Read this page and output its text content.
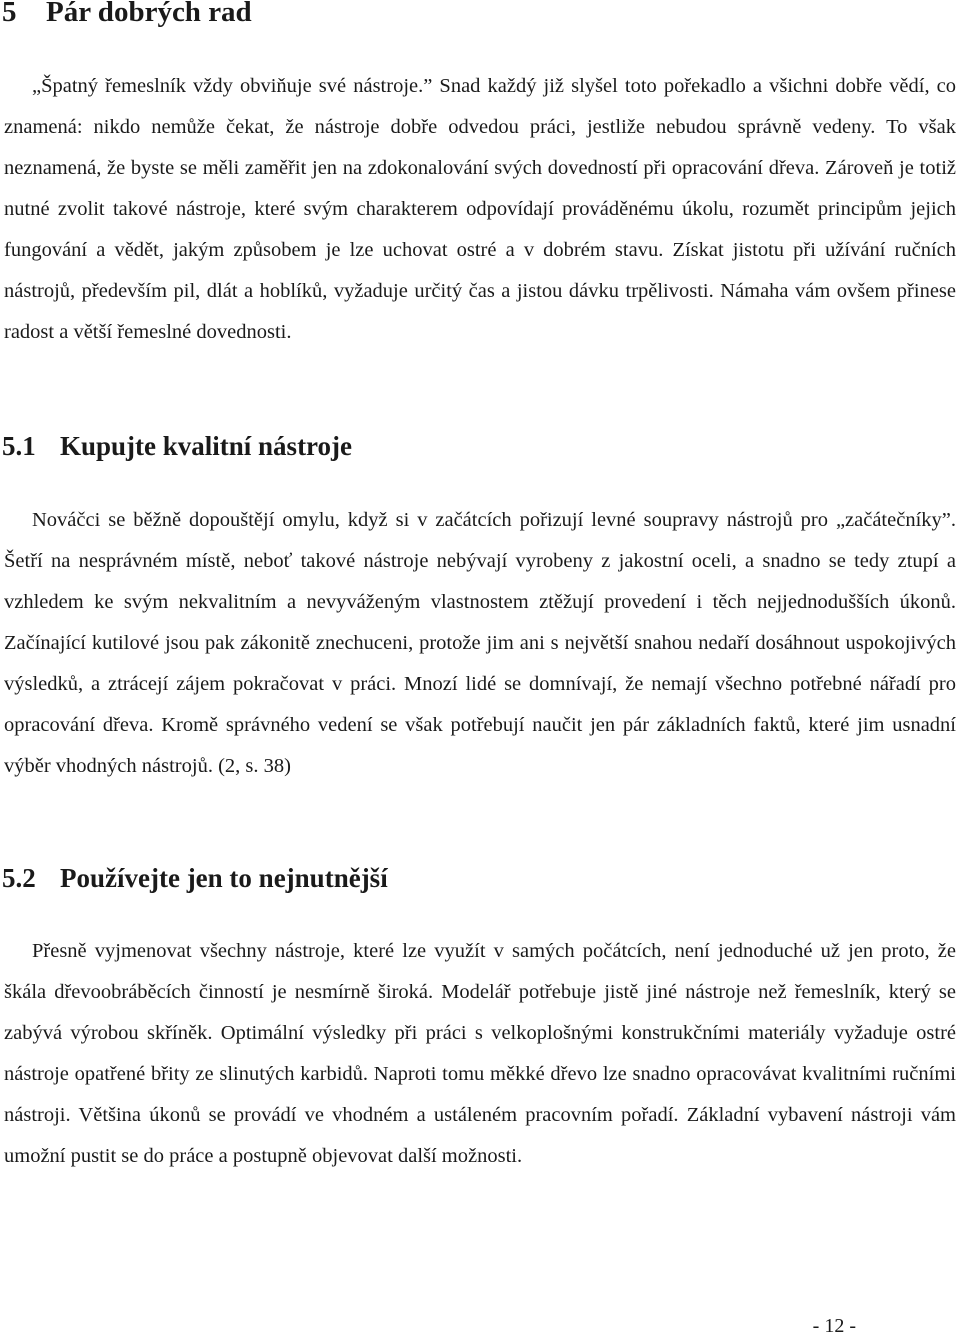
5 Pár dobrých rad

„Špatný řemeslník vždy obviňuje své nástroje.” Snad každý již slyšel toto pořekadlo a všichni dobře vědí, co znamená: nikdo nemůže čekat, že nástroje dobře odvedou práci, jestliže nebudou správně vedeny. To však neznamená, že byste se měli zaměřit jen na zdokonalování svých dovedností při opracování dřeva. Zároveň je totiž nutné zvolit takové nástroje, které svým charakterem odpovídají prováděnému úkolu, rozumět principům jejich fungování a vědět, jakým způsobem je lze uchovat ostré a v dobrém stavu. Získat jistotu při užívání ručních nástrojů, především pil, dlát a hoblíků, vyžaduje určitý čas a jistou dávku trpělivosti. Námaha vám ovšem přinese radost a větší řemeslné dovednosti.

5.1 Kupujte kvalitní nástroje

Nováčci se běžně dopouštějí omylu, když si v začátcích pořizují levné soupravy nástrojů pro „začátečníky”. Šetří na nesprávném místě, neboť takové nástroje nebývají vyrobeny z jakostní oceli, a snadno se tedy ztupí a vzhledem ke svým nekvalitním a nevyváženým vlastnostem ztěžují provedení i těch nejjednodušších úkonů. Začínající kutilové jsou pak zákonitě znechuceni, protože jim ani s největší snahou nedaří dosáhnout uspokojivých výsledků, a ztrácejí zájem pokračovat v práci. Mnozí lidé se domnívají, že nemají všechno potřebné nářadí pro opracování dřeva. Kromě správného vedení se však potřebují naučit jen pár základních faktů, které jim usnadní výběr vhodných nástrojů. (2, s. 38)

5.2 Používejte jen to nejnutnější

Přesně vyjmenovat všechny nástroje, které lze využít v samých počátcích, není jednoduché už jen proto, že škála dřevoobráběcích činností je nesmírně široká. Modelář potřebuje jistě jiné nástroje než řemeslník, který se zabývá výrobou skříněk. Optimální výsledky při práci s velkoplošnými konstrukčními materiály vyžaduje ostré nástroje opatřené břity ze slinutých karbidů. Naproti tomu měkké dřevo lze snadno opracovávat kvalitními ručními nástroji. Většina úkonů se provádí ve vhodném a ustáleném pracovním pořadí. Základní vybavení nástroji vám umožní pustit se do práce a postupně objevovat další možnosti.

- 12 -
